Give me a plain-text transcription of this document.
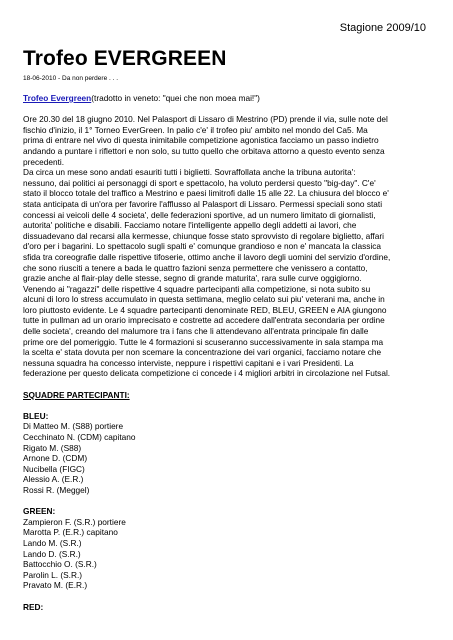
Stagione 2009/10
Trofeo EVERGREEN
18-06-2010 - Da non perdere . . .

Trofeo Evergreen(tradotto in veneto: "quei che non moea mai!")

Ore 20.30 del 18 giugno 2010. Nel Palasport di Lissaro di Mestrino (PD) prende il via, sulle note del
fischio d'inizio, il 1° Torneo EverGreen. In palio c'e' il trofeo piu' ambito nel mondo del Ca5. Ma
prima di entrare nel vivo di questa inimitabile competizione agonistica facciamo un passo indietro
andando a puntare i riflettori e non solo, su tutto quello che orbitava attorno a questo evento senza
precedenti.
Da circa un mese sono andati esauriti tutti i biglietti. Sovraffollata anche la tribuna autorita':
nessuno, dai politici ai personaggi di sport e spettacolo, ha voluto perdersi questo "big-day". C'e'
stato il blocco totale del traffico a Mestrino e paesi limitrofi dalle 15 alle 22. La chiusura del blocco e'
stata anticipata di un'ora per favorire l'afflusso al Palasport di Lissaro. Permessi speciali sono stati
concessi ai veicoli delle 4 societa', delle federazioni sportive, ad un numero limitato di giornalisti,
autorita' politiche e disabili. Facciamo notare l'intelligente appello degli addetti ai lavori, che
dissuadevano dal recarsi alla kermesse, chiunque fosse stato sprovvisto di regolare biglietto, affari
d'oro per i bagarini. Lo spettacolo sugli spalti e' comunque grandioso e non e' mancata la classica
sfida tra coreografie dalle rispettive tifoserie, ottimo anche il lavoro degli uomini del servizio d'ordine,
che sono riusciti a tenere a bada le quattro fazioni senza permettere che venissero a contatto,
grazie anche al flair-play delle stesse, segno di grande maturita', rara sulle curve oggigiorno.
Venendo ai "ragazzi" delle rispettive 4 squadre partecipanti alla competizione, si nota subito su
alcuni di loro lo stress accumulato in questa settimana, meglio celato sui piu' veterani ma, anche in
loro piuttosto evidente. Le 4 squadre partecipanti denominate RED, BLEU, GREEN e AIA giungono
tutte in pullman ad un orario imprecisato e costrette ad accedere dall'entrata secondaria per ordine
delle societa', creando del malumore tra i fans che li attendevano all'entrata principale fin dalle
prime ore del pomeriggio. Tutte le 4 formazioni si scuseranno successivamente in sala stampa ma
la scelta e' stata dovuta per non scemare la concentrazione dei vari organici, facciamo notare che
nessuna squadra ha concesso interviste, neppure i rispettivi capitani e i vari Presidenti. La
federazione per questo delicata competizione ci concede i 4 migliori arbitri in circolazione nel Futsal.

SQUADRE PARTECIPANTI:

BLEU:
Di Matteo M. (S88) portiere
Cecchinato N. (CDM) capitano
Rigato M. (S88)
Arnone D. (CDM)
Nucibella (FIGC)
Alessio A. (E.R.)
Rossi R. (Meggel)
GREEN:
Zampieron F. (S.R.) portiere
Marotta P. (E.R.) capitano
Lando M. (S.R.)
Lando D. (S.R.)
Battocchio O. (S.R.)
Parolin L. (S.R.)
Pravato M. (E.R.)
RED:
